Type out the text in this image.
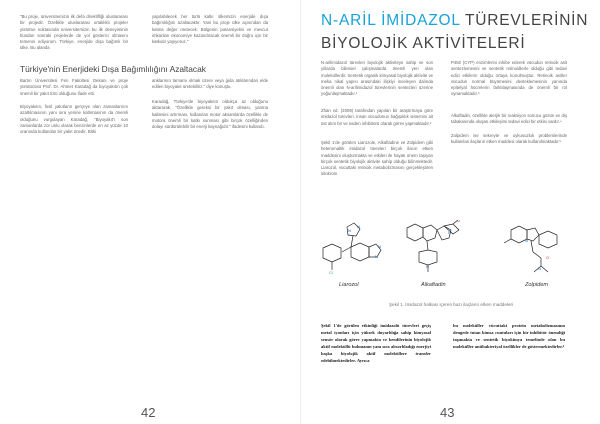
"Bu proje, üniversitemizin ilk defa direktifliği uluslararası bir projedir. Özellikle uluslararası ortaklıklı projeler yürütme noktasında üniversitemizin bu ilk deneyiminin bundan sonraki projelerde de yol gösterici olmasını temenni ediyorum. Türkiye, enerjide dışa bağımlı bir ülke. Bu alanda
yapılabilecek her türlü katkı ülkemizin enerjide dışa bağımlılığını azaltacaktır. Yani bu proje ülke açısından da katma değer üretecek. Bölgenin potansiyelini ve mevcut imkanları ekonomiye kazandıracak önemli bir doğru için bir katkıdır yaşıyoruz."
Türkiye'nin Enerjideki Dışa Bağımlılığını Azaltacak
Bartın Üniversitesi Fen Fakültesi Dekanı ve proje yürütücüsü Prof. Dr. Ahmet Karadağ da biyoyakıtın çok önemli bir yakıt türü olduğunu ifade etti.
Biyoyakıtın, fosil yakıtların gerçeye olan zamanlarının azaltılmasının yanı sıra yenine kaltımasının da önemli olduğunu vurgulayan Karadağ, "Biyoyakıt'ı son zamanlarda zor unlu olarak benzinlerde en az yüzde 10 oranında kullanılan bir yakıt önedir. Bitki
atıklarının tamamı olmak üzere veya gida atıklarından elde edilen biyoyakıt üretebiliriz." diye konuştu.
Karadağ, Türkiye'de biyoyakıtın oldukça az olduğunu aktararak, "Özellikle gereksi bir yakıt olması, yanma kalitesini artırması, kullanılan motor aksamlarda özellikle de motora önemli bir katkı sunması gibi birçok özelliğinden dolayı sürdürülebilir bir enerji kaynağıdır." ifadesini kullandı.
42
N-ARİL İMİDAZOL TÜREVLERİNİN
BİYOLOJİK AKTİVİTELERİ
N-arilimidazol türevleri biyolojik aktiviteye sahip ve son yıllarda bilimsel çalışmalarda önemli yeri olan moleküllerdir. Sentetik organik kimyasal biyolojik aktivite ve meka nikal yapısı arasındaki ilişkiyi inceleyen dalında önemli olan N-arilimidazol türevlerinin sentezleri üzerine yoğunlaşmaktadır.¹
Zhan vd. (2009) tarafından yapılan bir araştırmaya göre imidazol türevleri, insan vücudunun bağışıklık sistemini ait üst alım bir ve üsden inhibitörü olarak görev yapmaktadır.²
Şekil 1'de görülen Liarozole, Alkaftadine ve Zolpidem gibi heteromaltik imidazol türevleri birçok ilacın etken maddesini oluşturmakta ve etkileri ile hayatı önem taşıyan birçok sentetik biyolojik aktivite sahip olduğu bilinmektedir. Liarozol, vücuttaki retinoik metabolizmasını gerçekleştiren sitokrom
P450 (CYP) enzimlerini inhibe ederek vücudun retinoik asit sentezlemesini ve sentetik retinoidlerle olduğu gibi tedavi edici etkilerin olduğu ortaya konulmuştur. Retinoik asitler vücudun normal büyümesini desteklemesinin yanında epitelyal hücrelerin farklılaşmasında de önemli bir rol oynamaktadır.³
Alkaftadin, özellikle alerjik bir reaksiyon sonucu gözün ev diş tabakasında oluşan etkileşimi tedavi edici bir etkisi vardır.⁴
Zolpidem ise sekreyte ve uykusuzluk problemlerinde kullanılan ilaçların etken maddesi olarak kullanılmaktadır.⁵
N
N
N
N
N
N
N
N
O
O
Cl
Liarozol	Alkaftadin	Zolpidem
Şekil 1. İmidazol halkası içeren bazı ilaçların etken maddeleri
Şekil 1'de görülen etkinliği imidazolü türevleri geçiş metal iyonları için yüksek duyarlılığa sahip kimyasal sensör olarak görev yapmakta ve kendilerinin biyolojik aktif moleküllü bulunanın yanı sıra absorbladığı enerjiyi başka biyolojik aktif moleküllere transfer edebilmektedirler. Ayrıca
bu moleküller vücuttaki protein metabolizmasının dengede tutan kimsa cuntuları için bir inhibitör önemliği taşımakta ve sentetik biyokimya temelinde olan bu moleküller antibakteriyal özellikler de göstermektedirler.⁶
43
